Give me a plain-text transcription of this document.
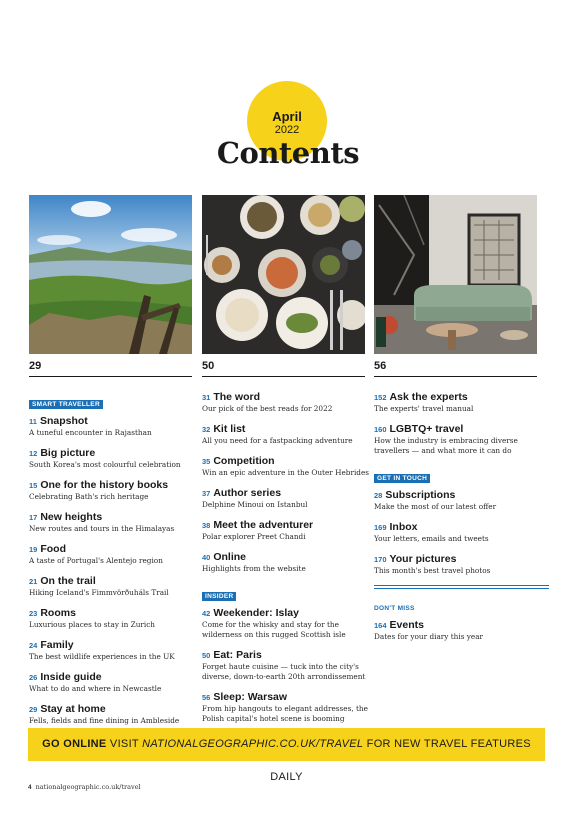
April
2022
Contents
29	50	56
SMART TRAVELLER
11 Snapshot
A tuneful encounter in Rajasthan
12 Big picture
South Korea's most colourful celebration
15 One for the history books
Celebrating Bath's rich heritage
17 New heights
New routes and tours in the Himalayas
19 Food
A taste of Portugal's Alentejo region
21 On the trail
Hiking Iceland's Fimmvörðuháls Trail
23 Rooms
Luxurious places to stay in Zurich
24 Family
The best wildlife experiences in the UK
26 Inside guide
What to do and where in Newcastle
29 Stay at home
Fells, fields and fine dining in Ambleside
31 The word
Our pick of the best reads for 2022
32 Kit list
All you need for a fastpacking adventure
35 Competition
Win an epic adventure in the Outer Hebrides
37 Author series
Delphine Minoui on Istanbul
38 Meet the adventurer
Polar explorer Preet Chandi
40 Online
Highlights from the website
INSIDER
42 Weekender: Islay
Come for the whisky and stay for the wilderness on this rugged Scottish isle
50 Eat: Paris
Forget haute cuisine — tuck into the city's diverse, down-to-earth 20th arrondissement
56 Sleep: Warsaw
From hip hangouts to elegant addresses, the Polish capital's hotel scene is booming
152 Ask the experts
The experts' travel manual
160 LGBTQ+ travel
How the industry is embracing diverse travellers — and what more it can do
GET IN TOUCH
28 Subscriptions
Make the most of our latest offer
169 Inbox
Your letters, emails and tweets
170 Your pictures
This month's best travel photos
DON'T MISS
164 Events
Dates for your diary this year
GO ONLINE VISIT NATIONALGEOGRAPHIC.CO.UK/TRAVEL FOR NEW TRAVEL FEATURES DAILY
4 nationalgeographic.co.uk/travel
